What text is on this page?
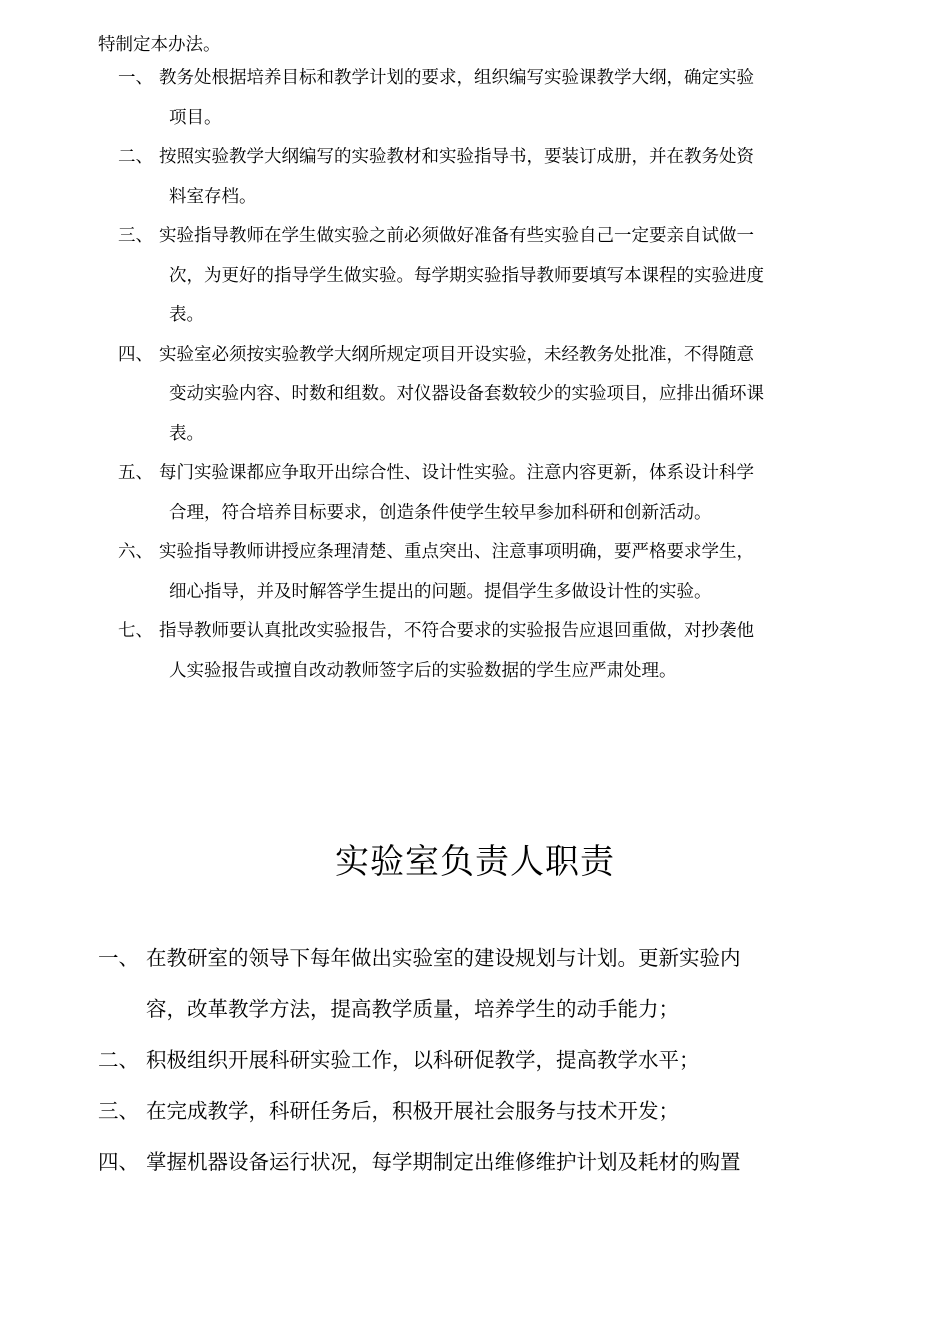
特制定本办法。
一、 教务处根据培养目标和教学计划的要求，组织编写实验课教学大纲，确定实验
项目。
二、 按照实验教学大纲编写的实验教材和实验指导书，要装订成册，并在教务处资
料室存档。
三、 实验指导教师在学生做实验之前必须做好准备有些实验自己一定要亲自试做一
次，为更好的指导学生做实验。每学期实验指导教师要填写本课程的实验进度
表。
四、 实验室必须按实验教学大纲所规定项目开设实验，未经教务处批准，不得随意
变动实验内容、时数和组数。对仪器设备套数较少的实验项目，应排出循环课
表。
五、 每门实验课都应争取开出综合性、设计性实验。注意内容更新，体系设计科学
合理，符合培养目标要求，创造条件使学生较早参加科研和创新活动。
六、 实验指导教师讲授应条理清楚、重点突出、注意事项明确，要严格要求学生，
细心指导，并及时解答学生提出的问题。提倡学生多做设计性的实验。
七、 指导教师要认真批改实验报告，不符合要求的实验报告应退回重做，对抄袭他
人实验报告或擅自改动教师签字后的实验数据的学生应严肃处理。
实验室负责人职责
一、 在教研室的领导下每年做出实验室的建设规划与计划。更新实验内
容，改革教学方法，提高教学质量，培养学生的动手能力；
二、 积极组织开展科研实验工作，以科研促教学，提高教学水平；
三、 在完成教学，科研任务后，积极开展社会服务与技术开发；
四、 掌握机器设备运行状况，每学期制定出维修维护计划及耗材的购置
